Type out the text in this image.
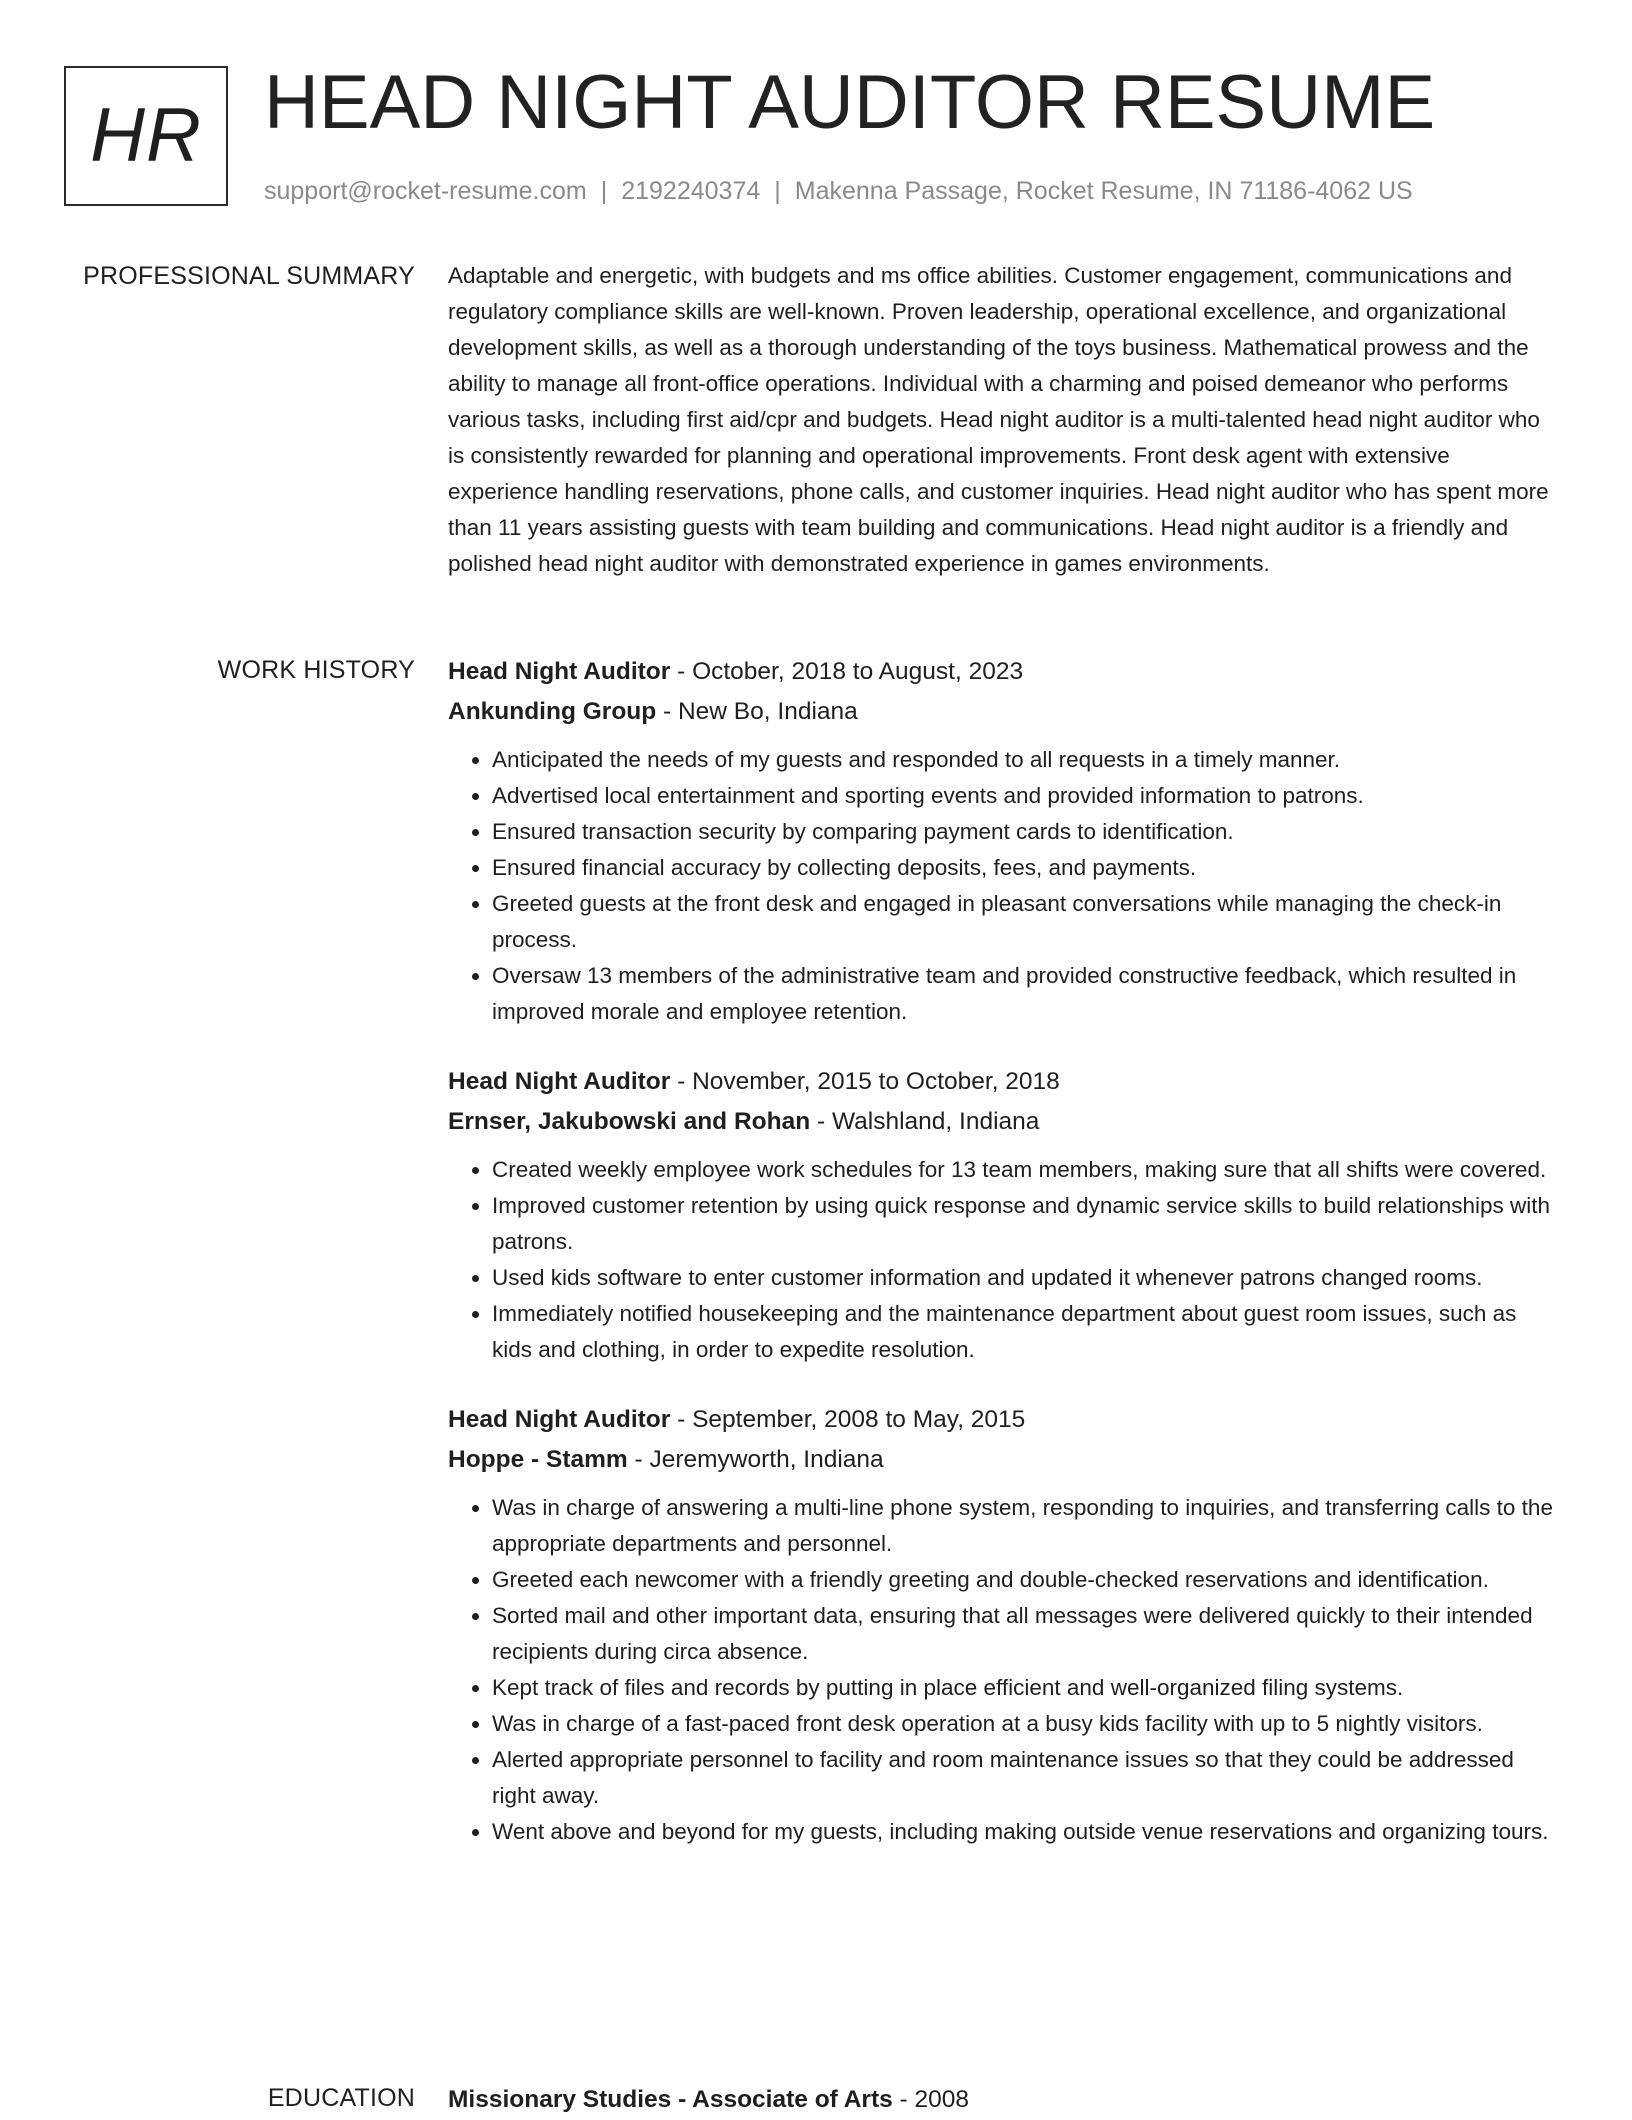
HR HEAD NIGHT AUDITOR RESUME
support@rocket-resume.com | 2192240374 | Makenna Passage, Rocket Resume, IN 71186-4062 US
PROFESSIONAL SUMMARY Adaptable and energetic, with budgets and ms office abilities. Customer engagement, communications and regulatory compliance skills are well-known. Proven leadership, operational excellence, and organizational development skills, as well as a thorough understanding of the toys business. Mathematical prowess and the ability to manage all front-office operations. Individual with a charming and poised demeanor who performs various tasks, including first aid/cpr and budgets. Head night auditor is a multi-talented head night auditor who is consistently rewarded for planning and operational improvements. Front desk agent with extensive experience handling reservations, phone calls, and customer inquiries. Head night auditor who has spent more than 11 years assisting guests with team building and communications. Head night auditor is a friendly and polished head night auditor with demonstrated experience in games environments.
WORK HISTORY Head Night Auditor - October, 2018 to August, 2023
Ankunding Group - New Bo, Indiana
• Anticipated the needs of my guests and responded to all requests in a timely manner.
• Advertised local entertainment and sporting events and provided information to patrons.
• Ensured transaction security by comparing payment cards to identification.
• Ensured financial accuracy by collecting deposits, fees, and payments.
• Greeted guests at the front desk and engaged in pleasant conversations while managing the check-in process.
• Oversaw 13 members of the administrative team and provided constructive feedback, which resulted in improved morale and employee retention.
Head Night Auditor - November, 2015 to October, 2018
Ernser, Jakubowski and Rohan - Walshland, Indiana
• Created weekly employee work schedules for 13 team members, making sure that all shifts were covered.
• Improved customer retention by using quick response and dynamic service skills to build relationships with patrons.
• Used kids software to enter customer information and updated it whenever patrons changed rooms.
• Immediately notified housekeeping and the maintenance department about guest room issues, such as kids and clothing, in order to expedite resolution.
Head Night Auditor - September, 2008 to May, 2015
Hoppe - Stamm - Jeremyworth, Indiana
• Was in charge of answering a multi-line phone system, responding to inquiries, and transferring calls to the appropriate departments and personnel.
• Greeted each newcomer with a friendly greeting and double-checked reservations and identification.
• Sorted mail and other important data, ensuring that all messages were delivered quickly to their intended recipients during circa absence.
• Kept track of files and records by putting in place efficient and well-organized filing systems.
• Was in charge of a fast-paced front desk operation at a busy kids facility with up to 5 nightly visitors.
• Alerted appropriate personnel to facility and room maintenance issues so that they could be addressed right away.
• Went above and beyond for my guests, including making outside venue reservations and organizing tours.
EDUCATION Missionary Studies - Associate of Arts - 2008
